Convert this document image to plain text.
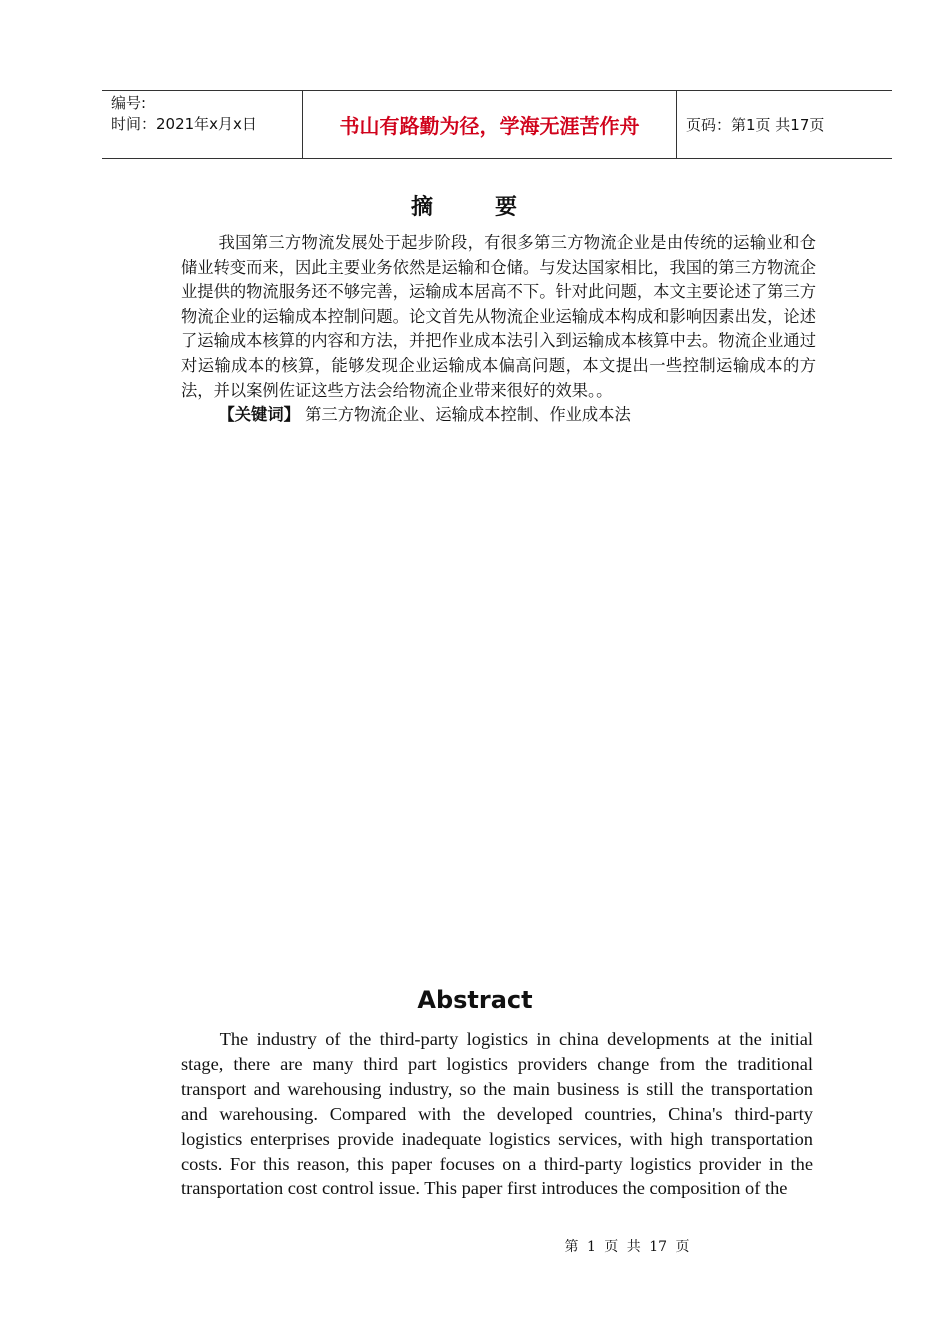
编号:
时间：2021年x月x日	书山有路勤为径，学海无涯苦作舟	页码：第1页 共17页
摘要

我国第三方物流发展处于起步阶段，有很多第三方物流企业是由传统的运输业和仓储业转变而来，因此主要业务依然是运输和仓储。与发达国家相比，我国的第三方物流企业提供的物流服务还不够完善，运输成本居高不下。针对此问题，本文主要论述了第三方物流企业的运输成本控制问题。论文首先从物流企业运输成本构成和影响因素出发，论述了运输成本核算的内容和方法，并把作业成本法引入到运输成本核算中去。物流企业通过对运输成本的核算，能够发现企业运输成本偏高问题，本文提出一些控制运输成本的方法，并以案例佐证这些方法会给物流企业带来很好的效果。。

【关键词】 第三方物流企业、运输成本控制、作业成本法

Abstract

The industry of the third-party logistics in china developments at the initial stage, there are many third part logistics providers change from the traditional transport and warehousing industry, so the main business is still the transportation and warehousing. Compared with the developed countries, China's third-party logistics enterprises provide inadequate logistics services, with high transportation costs. For this reason, this paper focuses on a third-party logistics provider in the transportation cost control issue. This paper first introduces the composition of the

第 1 页 共 17 页
